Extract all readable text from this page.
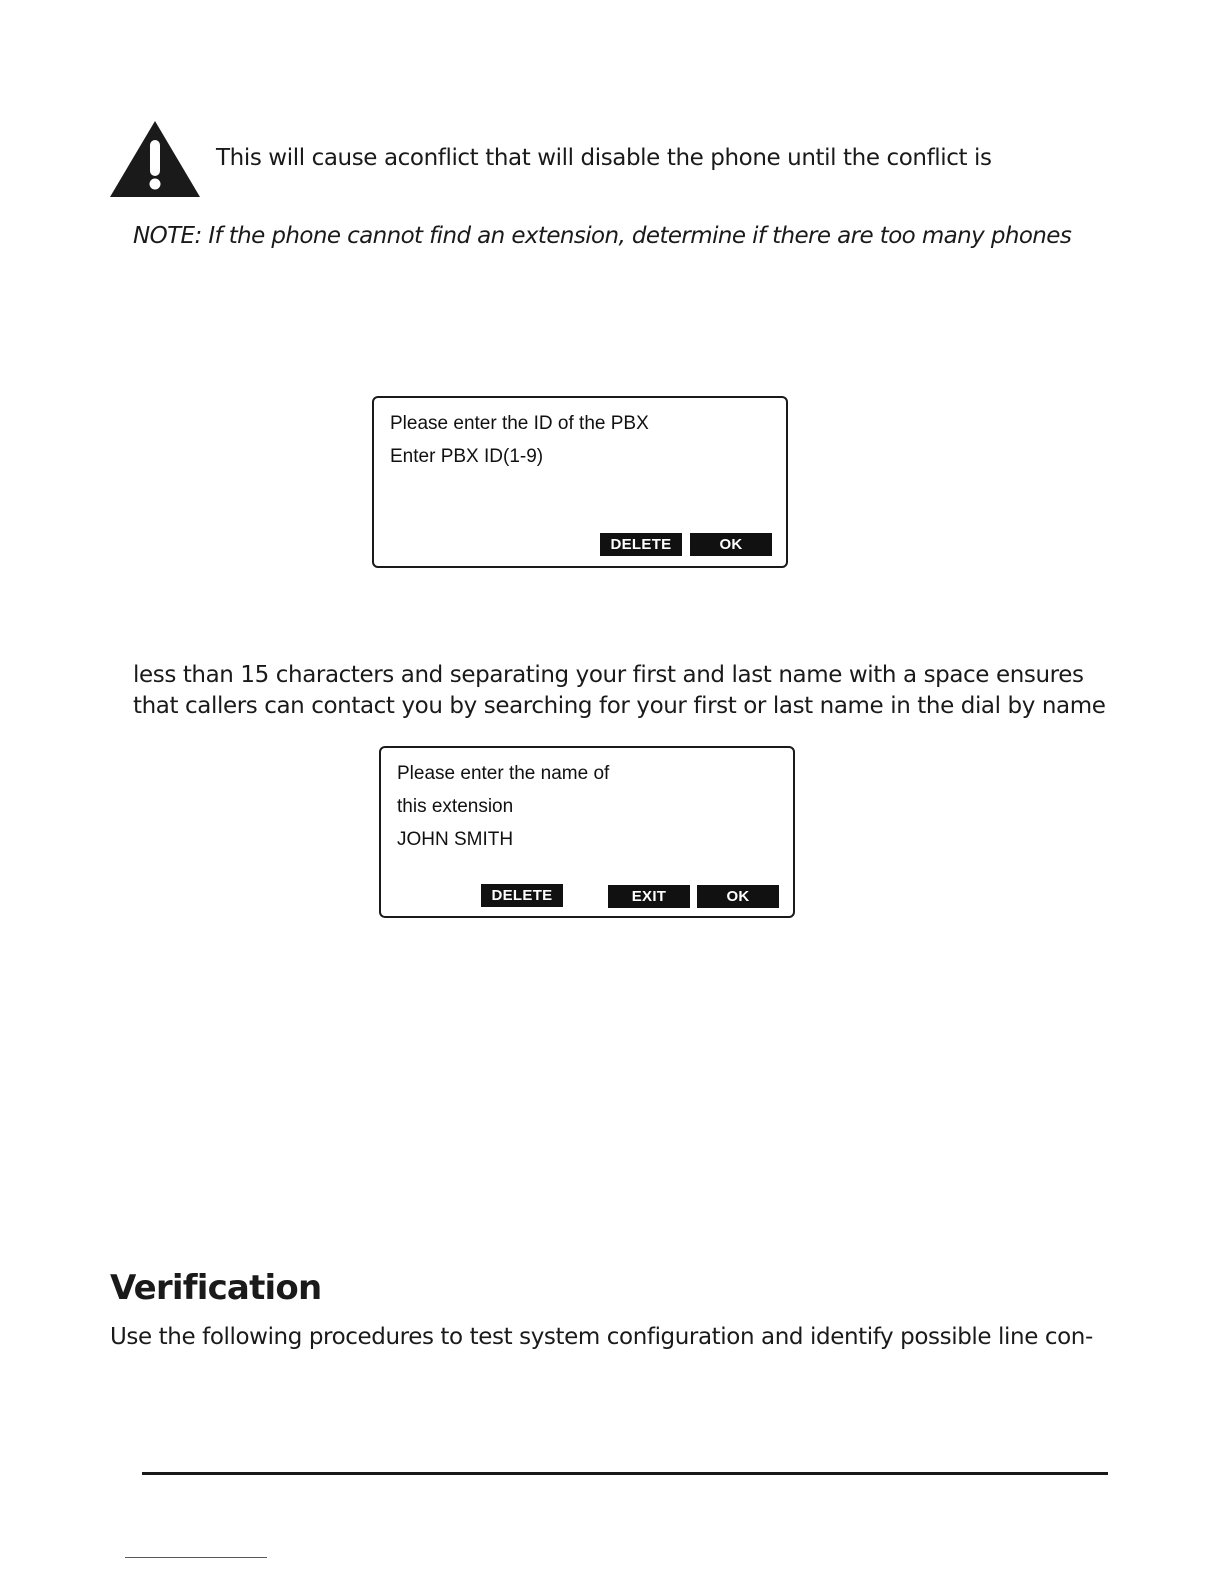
This will cause aconflict that will disable the phone until the conflict is
NOTE: If the phone cannot find an extension, determine if there are too many phones
Please enter the ID of the PBX
Enter PBX ID(1-9)
DELETE	OK
less than 15 characters and separating your first and last name with a space ensures
that callers can contact you by searching for your first or last name in the dial by name
Please enter the name of
this extension
JOHN SMITH
DELETE	EXIT	OK
Verification
Use the following procedures to test system configuration and identify possible line con-
